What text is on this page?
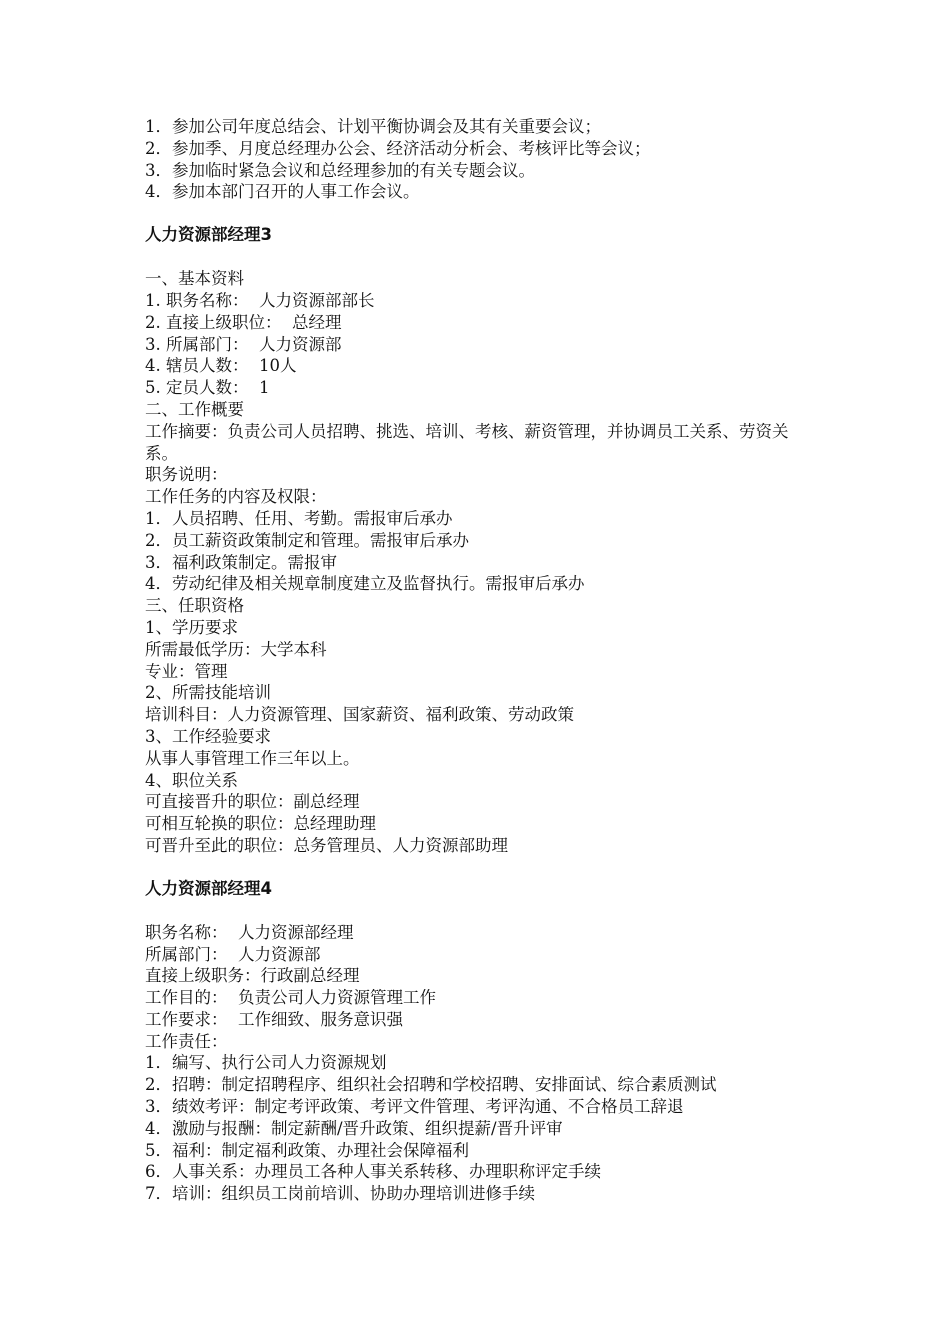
1．参加公司年度总结会、计划平衡协调会及其有关重要会议；

2．参加季、月度总经理办公会、经济活动分析会、考核评比等会议；

3．参加临时紧急会议和总经理参加的有关专题会议。

4．参加本部门召开的人事工作会议。

人力资源部经理3

一、基本资料

1. 职务名称：  人力资源部部长

2. 直接上级职位：  总经理

3. 所属部门：  人力资源部

4. 辖员人数：  10人

5. 定员人数：  1

二、工作概要

工作摘要：负责公司人员招聘、挑选、培训、考核、薪资管理，并协调员工关系、劳资关系。

职务说明：

工作任务的内容及权限：

1．人员招聘、任用、考勤。需报审后承办

2．员工薪资政策制定和管理。需报审后承办

3．福利政策制定。需报审

4．劳动纪律及相关规章制度建立及监督执行。需报审后承办

三、任职资格

1、学历要求

所需最低学历：大学本科

专业：管理

2、所需技能培训

培训科目：人力资源管理、国家薪资、福利政策、劳动政策

3、工作经验要求

从事人事管理工作三年以上。

4、职位关系

可直接晋升的职位：副总经理

可相互轮换的职位：总经理助理

可晋升至此的职位：总务管理员、人力资源部助理

人力资源部经理4

职务名称：  人力资源部经理

所属部门：  人力资源部

直接上级职务：行政副总经理

工作目的：  负责公司人力资源管理工作

工作要求：  工作细致、服务意识强

工作责任：

1．编写、执行公司人力资源规划

2．招聘：制定招聘程序、组织社会招聘和学校招聘、安排面试、综合素质测试

3．绩效考评：制定考评政策、考评文件管理、考评沟通、不合格员工辞退

4．激励与报酬：制定薪酬/晋升政策、组织提薪/晋升评审

5．福利：制定福利政策、办理社会保障福利

6．人事关系：办理员工各种人事关系转移、办理职称评定手续

7．培训：组织员工岗前培训、协助办理培训进修手续
